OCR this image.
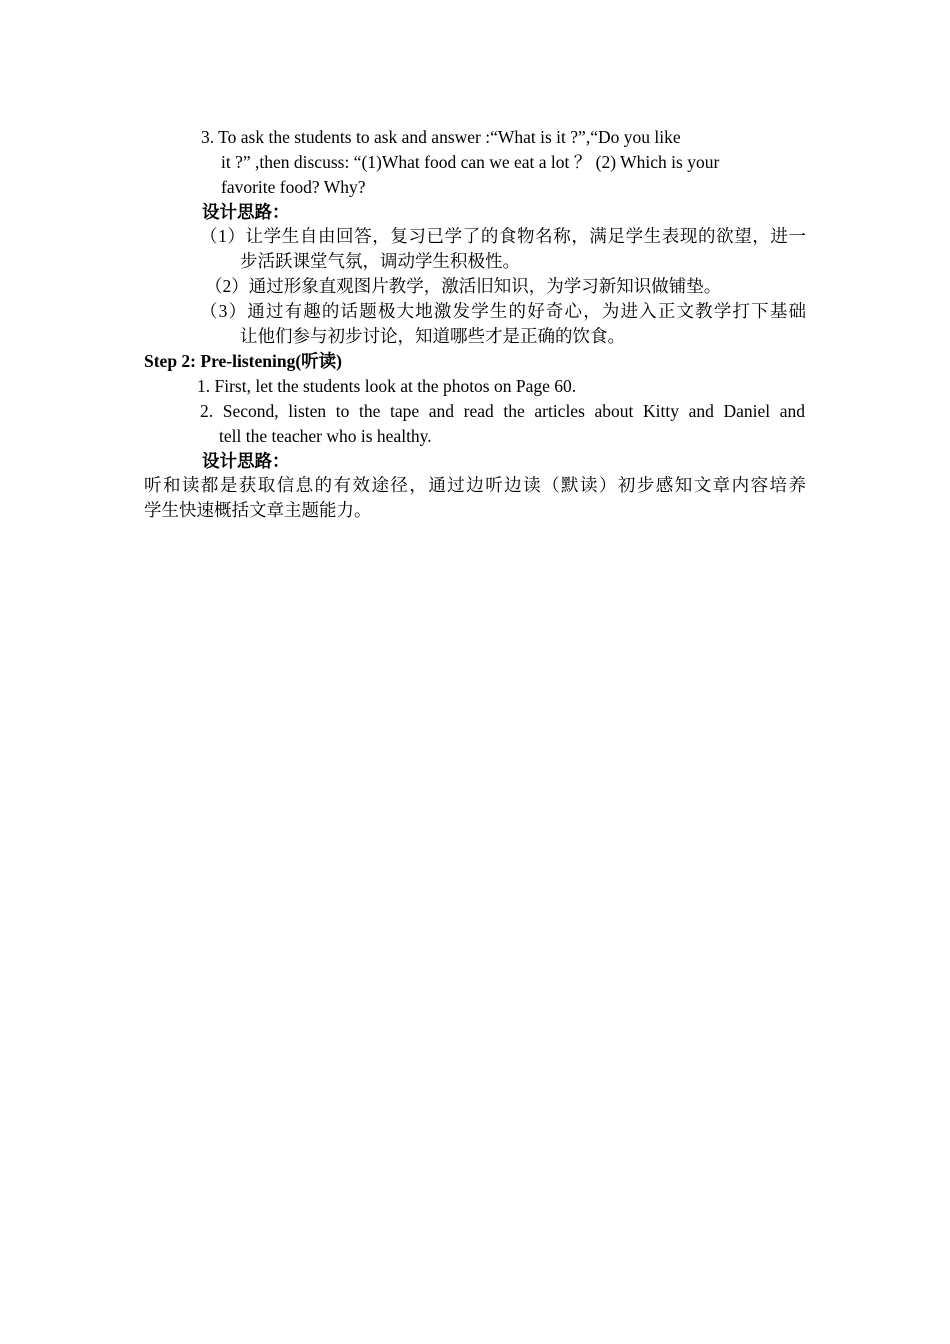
3. To ask the students to ask and answer :“What is it ?”,“Do you like
it ?” ,then discuss: “(1)What food can we eat a lot ？ (2) Which is your
favorite food? Why?
设计思路：
（1）让学生自由回答，复习已学了的食物名称，满足学生表现的欲望，进一
步活跃课堂气氛，调动学生积极性。
（2）通过形象直观图片教学，激活旧知识，为学习新知识做铺垫。
（3）通过有趣的话题极大地激发学生的好奇心，为进入正文教学打下基础
让他们参与初步讨论，知道哪些才是正确的饮食。
Step 2: Pre-listening(听读)
1. First, let the students look at the photos on Page 60.
2. Second, listen to the tape and read the articles about Kitty and Daniel and
tell the teacher who is healthy.
设计思路：
听和读都是获取信息的有效途径，通过边听边读（默读）初步感知文章内容培养
学生快速概括文章主题能力。
